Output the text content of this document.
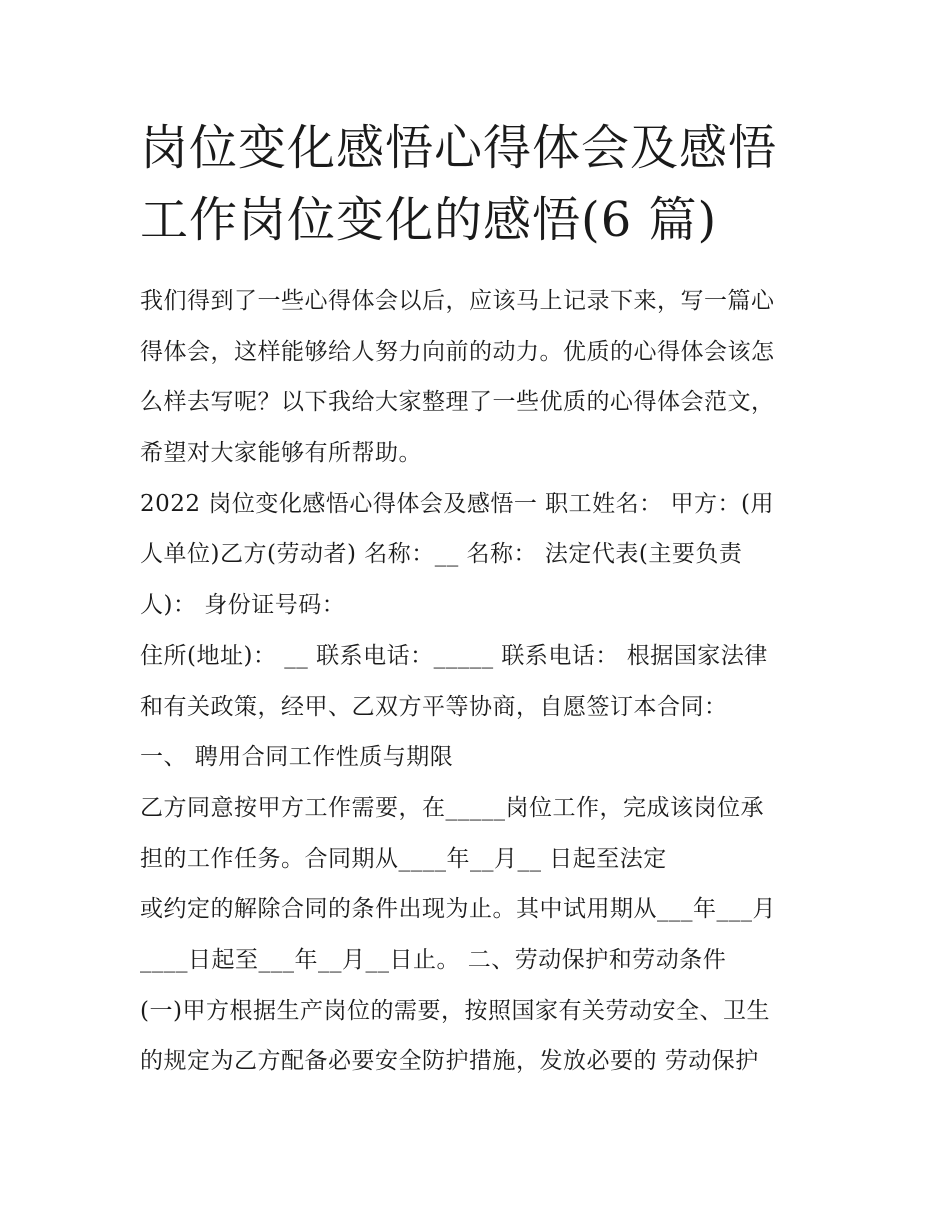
岗位变化感悟心得体会及感悟
工作岗位变化的感悟(6 篇)
我们得到了一些心得体会以后，应该马上记录下来，写一篇心
得体会，这样能够给人努力向前的动力。优质的心得体会该怎
么样去写呢？以下我给大家整理了一些优质的心得体会范文，
希望对大家能够有所帮助。
2022 岗位变化感悟心得体会及感悟一 职工姓名： 甲方：(用
人单位)乙方(劳动者) 名称：__ 名称： 法定代表(主要负责
人)： 身份证号码：
住所(地址)： __ 联系电话：_____ 联系电话： 根据国家法律
和有关政策，经甲、乙双方平等协商，自愿签订本合同：
一、 聘用合同工作性质与期限
乙方同意按甲方工作需要，在_____岗位工作，完成该岗位承
担的工作任务。合同期从____年__月__ 日起至法定
或约定的解除合同的条件出现为止。其中试用期从___年___月
____日起至___年__月__日止。 二、劳动保护和劳动条件
(一)甲方根据生产岗位的需要，按照国家有关劳动安全、卫生
的规定为乙方配备必要安全防护措施，发放必要的 劳动保护
